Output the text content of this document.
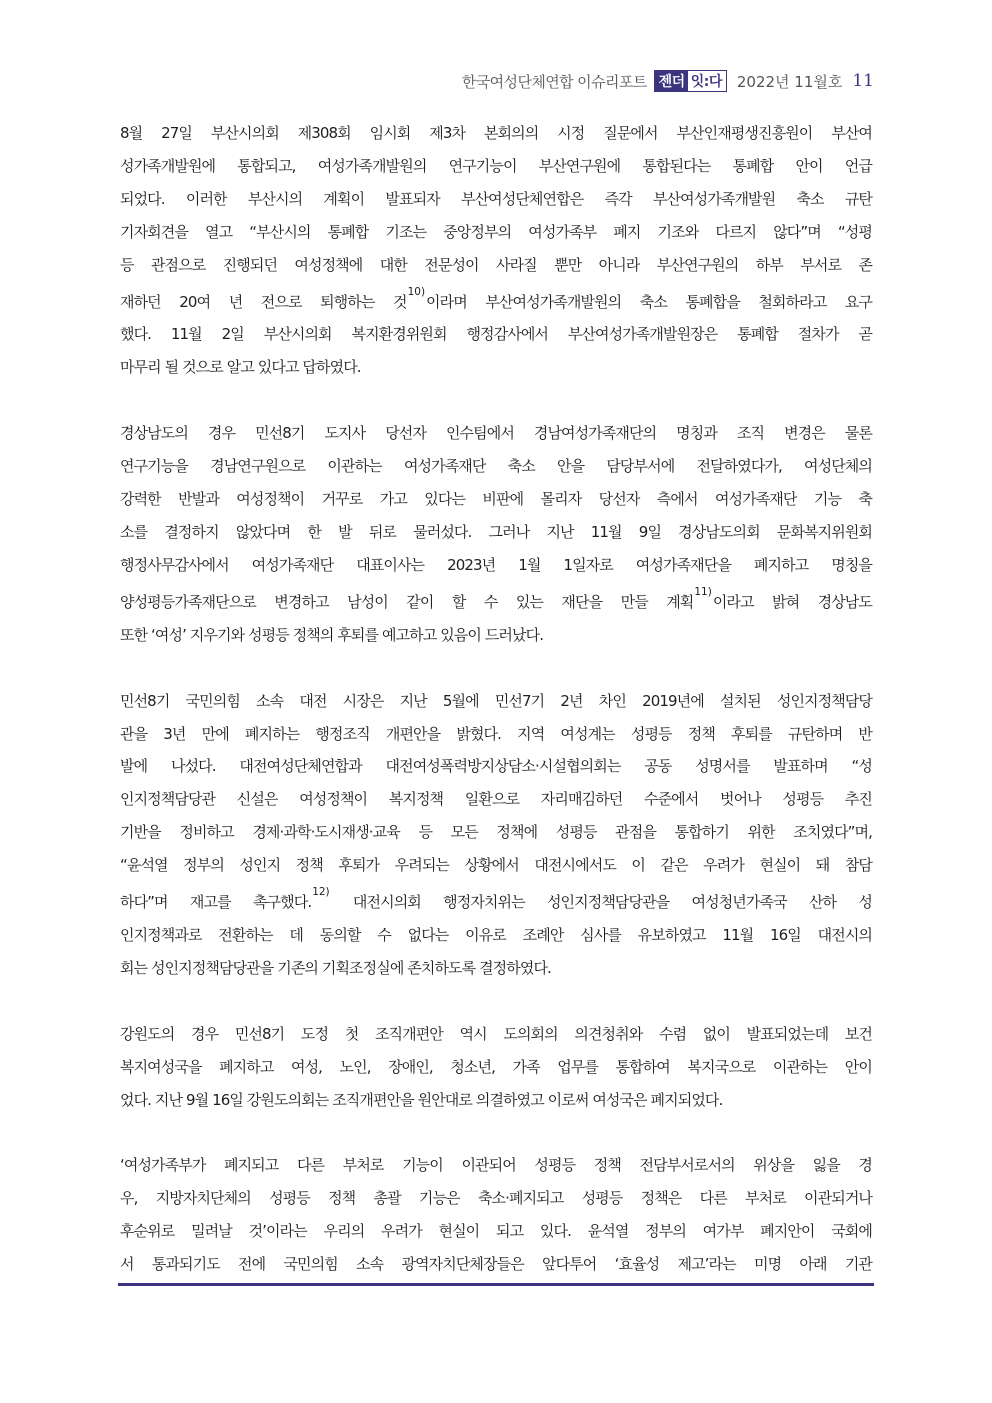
한국여성단체연합 이슈리포트 젠더 잇:다 2022년 11월호 11
8월 27일 부산시의회 제308회 임시회 제3차 본회의의 시정 질문에서 부산인재평생진흥원이 부산여
성가족개발원에 통합되고, 여성가족개발원의 연구기능이 부산연구원에 통합된다는 통폐합 안이 언급
되었다. 이러한 부산시의 계획이 발표되자 부산여성단체연합은 즉각 부산여성가족개발원 축소 규탄
기자회견을 열고 “부산시의 통폐합 기조는 중앙정부의 여성가족부 폐지 기조와 다르지 않다”며 “성평
등 관점으로 진행되던 여성정책에 대한 전문성이 사라질 뿐만 아니라 부산연구원의 하부 부서로 존
재하던 20여 년 전으로 퇴행하는 것$^{10)}$이라며 부산여성가족개발원의 축소 통폐합을 철회하라고 요구
했다. 11월 2일 부산시의회 복지환경위원회 행정감사에서 부산여성가족개발원장은 통폐합 절차가 곧
마무리 될 것으로 알고 있다고 답하였다.
경상남도의 경우 민선8기 도지사 당선자 인수팀에서 경남여성가족재단의 명칭과 조직 변경은 물론
연구기능을 경남연구원으로 이관하는 여성가족재단 축소 안을 담당부서에 전달하였다가, 여성단체의
강력한 반발과 여성정책이 거꾸로 가고 있다는 비판에 몰리자 당선자 측에서 여성가족재단 기능 축
소를 결정하지 않았다며 한 발 뒤로 물러섰다. 그러나 지난 11월 9일 경상남도의회 문화복지위원회
행정사무감사에서 여성가족재단 대표이사는 2023년 1월 1일자로 여성가족재단을 폐지하고 명칭을
양성평등가족재단으로 변경하고 남성이 같이 할 수 있는 재단을 만들 계획$^{11)}$이라고 밝혀 경상남도
또한 ‘여성’ 지우기와 성평등 정책의 후퇴를 예고하고 있음이 드러났다.
민선8기 국민의힘 소속 대전 시장은 지난 5월에 민선7기 2년 차인 2019년에 설치된 성인지정책담당
관을 3년 만에 폐지하는 행정조직 개편안을 밝혔다. 지역 여성계는 성평등 정책 후퇴를 규탄하며 반
발에 나섰다. 대전여성단체연합과 대전여성폭력방지상담소·시설협의회는 공동 성명서를 발표하며 “성
인지정책담당관 신설은 여성정책이 복지정책 일환으로 자리매김하던 수준에서 벗어나 성평등 추진
기반을 정비하고 경제·과학·도시재생·교육 등 모든 정책에 성평등 관점을 통합하기 위한 조치였다”며,
“윤석열 정부의 성인지 정책 후퇴가 우려되는 상황에서 대전시에서도 이 같은 우려가 현실이 돼 참담
하다”며 재고를 촉구했다.$^{12)}$ 대전시의회 행정자치위는 성인지정책담당관을 여성청년가족국 산하 성
인지정책과로 전환하는 데 동의할 수 없다는 이유로 조례안 심사를 유보하였고 11월 16일 대전시의
회는 성인지정책담당관을 기존의 기획조정실에 존치하도록 결정하였다.
강원도의 경우 민선8기 도정 첫 조직개편안 역시 도의회의 의견청취와 수렴 없이 발표되었는데 보건
복지여성국을 폐지하고 여성, 노인, 장애인, 청소년, 가족 업무를 통합하여 복지국으로 이관하는 안이
었다. 지난 9월 16일 강원도의회는 조직개편안을 원안대로 의결하였고 이로써 여성국은 폐지되었다.
‘여성가족부가 폐지되고 다른 부처로 기능이 이관되어 성평등 정책 전담부서로서의 위상을 잃을 경
우, 지방자치단체의 성평등 정책 총괄 기능은 축소·폐지되고 성평등 정책은 다른 부처로 이관되거나
후순위로 밀려날 것’이라는 우리의 우려가 현실이 되고 있다. 윤석열 정부의 여가부 폐지안이 국회에
서 통과되기도 전에 국민의힘 소속 광역자치단체장들은 앞다투어 ‘효율성 제고’라는 미명 아래 기관
